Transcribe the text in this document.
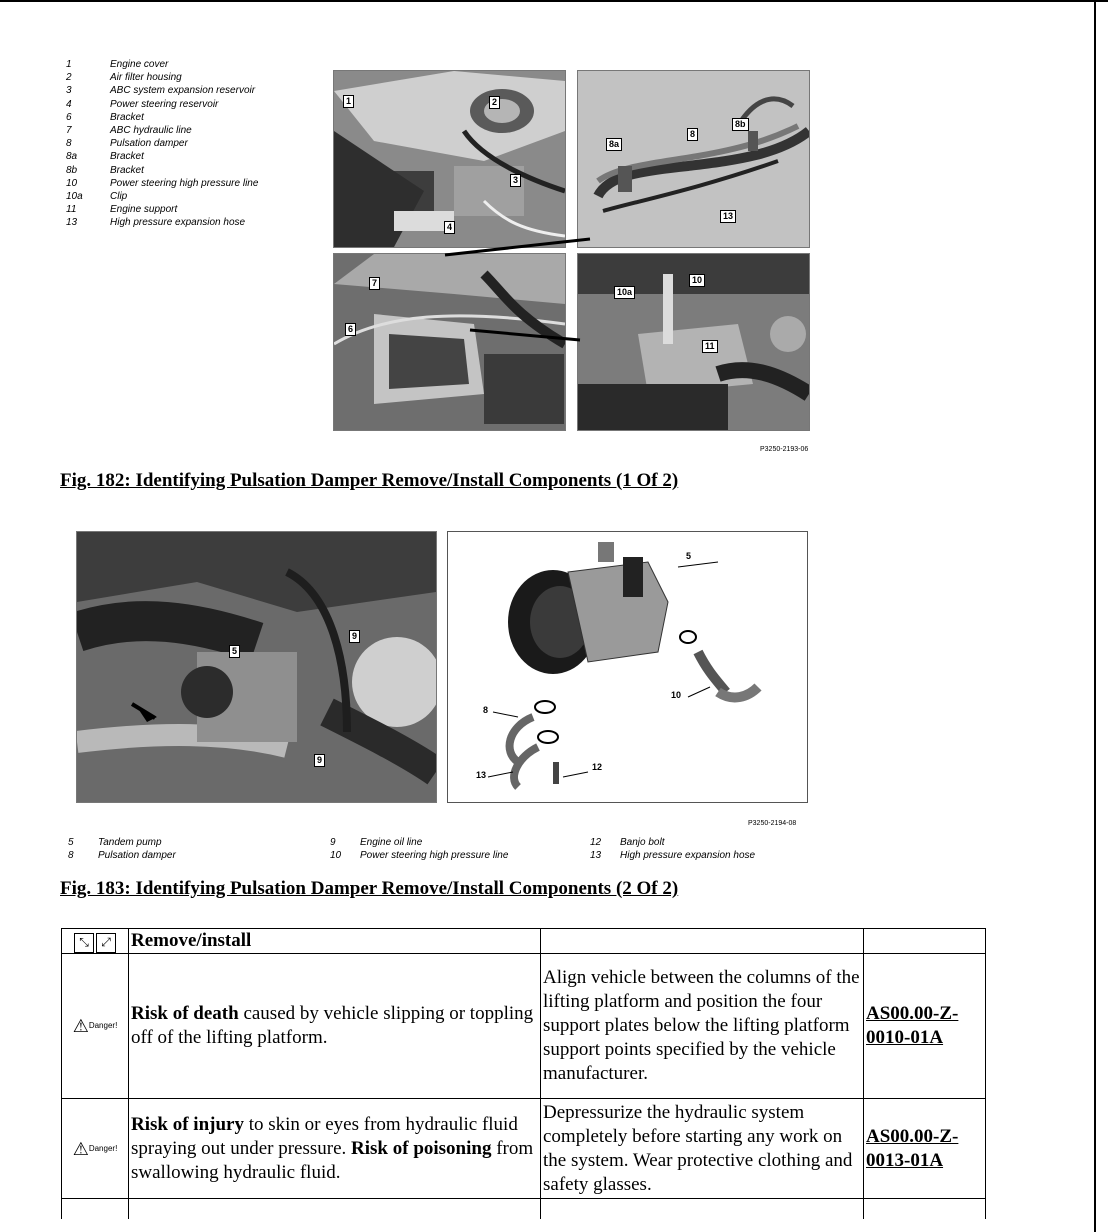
1	Engine cover
2	Air filter housing
3	ABC system expansion reservoir
4	Power steering reservoir
6	Bracket
7	ABC hydraulic line
8	Pulsation damper
8a	Bracket
8b	Bracket
10	Power steering high pressure line
10a	Clip
11	Engine support
13	High pressure expansion hose
1	2
3
4
8a
8
8b
13
7
6
10a
10
11
P3250-2193-06
Fig. 182: Identifying Pulsation Damper Remove/Install Components (1 Of 2)
5
9
9
5
8
10
12
13
P3250-2194-08
5	Tandem pump
8	Pulsation damper
9	Engine oil line
10	Power steering high pressure line
12	Banjo bolt
13	High pressure expansion hose
Fig. 183: Identifying Pulsation Damper Remove/Install Components (2 Of 2)
⤡ ⤢	Remove/install		

⚠ Danger!	Risk of death caused by vehicle slipping or toppling off of the lifting platform.	Align vehicle between the columns of the lifting platform and position the four support plates below the lifting platform support points specified by the vehicle manufacturer.	AS00.00-Z-
0010-01A

⚠ Danger!	Risk of injury to skin or eyes from hydraulic fluid spraying out under pressure. Risk of poisoning from swallowing hydraulic fluid.	Depressurize the hydraulic system completely before starting any work on the system. Wear protective clothing and safety glasses.	AS00.00-Z-
0013-01A
